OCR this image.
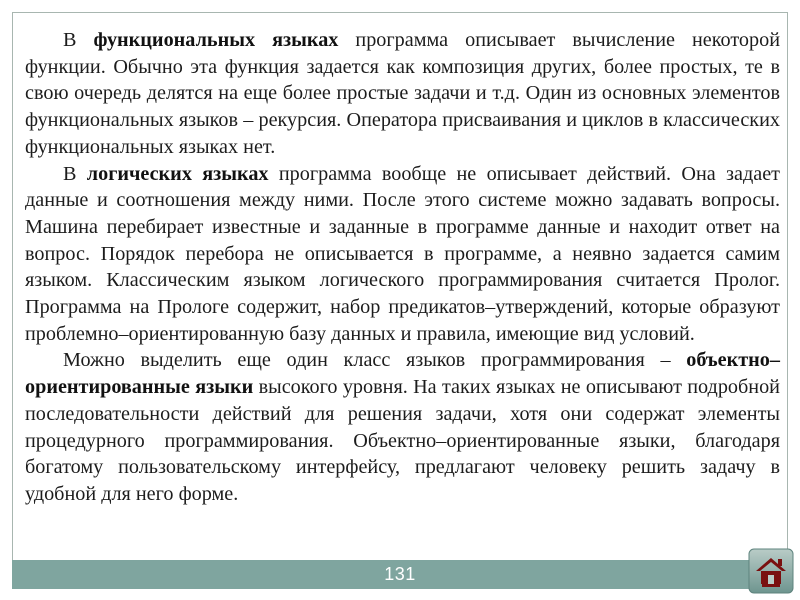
В функциональных языках программа описывает вычисление некоторой функции. Обычно эта функция задается как композиция других, более простых, те в свою очередь делятся на еще более простые задачи и т.д. Один из основных элементов функциональных языков – рекурсия. Оператора присваивания и циклов в классических функциональных языках нет.

В логических языках программа вообще не описывает действий. Она задает данные и соотношения между ними. После этого системе можно задавать вопросы. Машина перебирает известные и заданные в программе данные и находит ответ на вопрос. Порядок перебора не описывается в программе, а неявно задается самим языком. Классическим языком логического программирования считается Пролог. Программа на Прологе содержит, набор предикатов–утверждений, которые образуют проблемно–ориентированную базу данных и правила, имеющие вид условий.

Можно выделить еще один класс языков программирования – объектно–ориентированные языки высокого уровня. На таких языках не описывают подробной последовательности действий для решения задачи, хотя они содержат элементы процедурного программирования. Объектно–ориентированные языки, благодаря богатому пользовательскому интерфейсу, предлагают человеку решить задачу в удобной для него форме.

131
